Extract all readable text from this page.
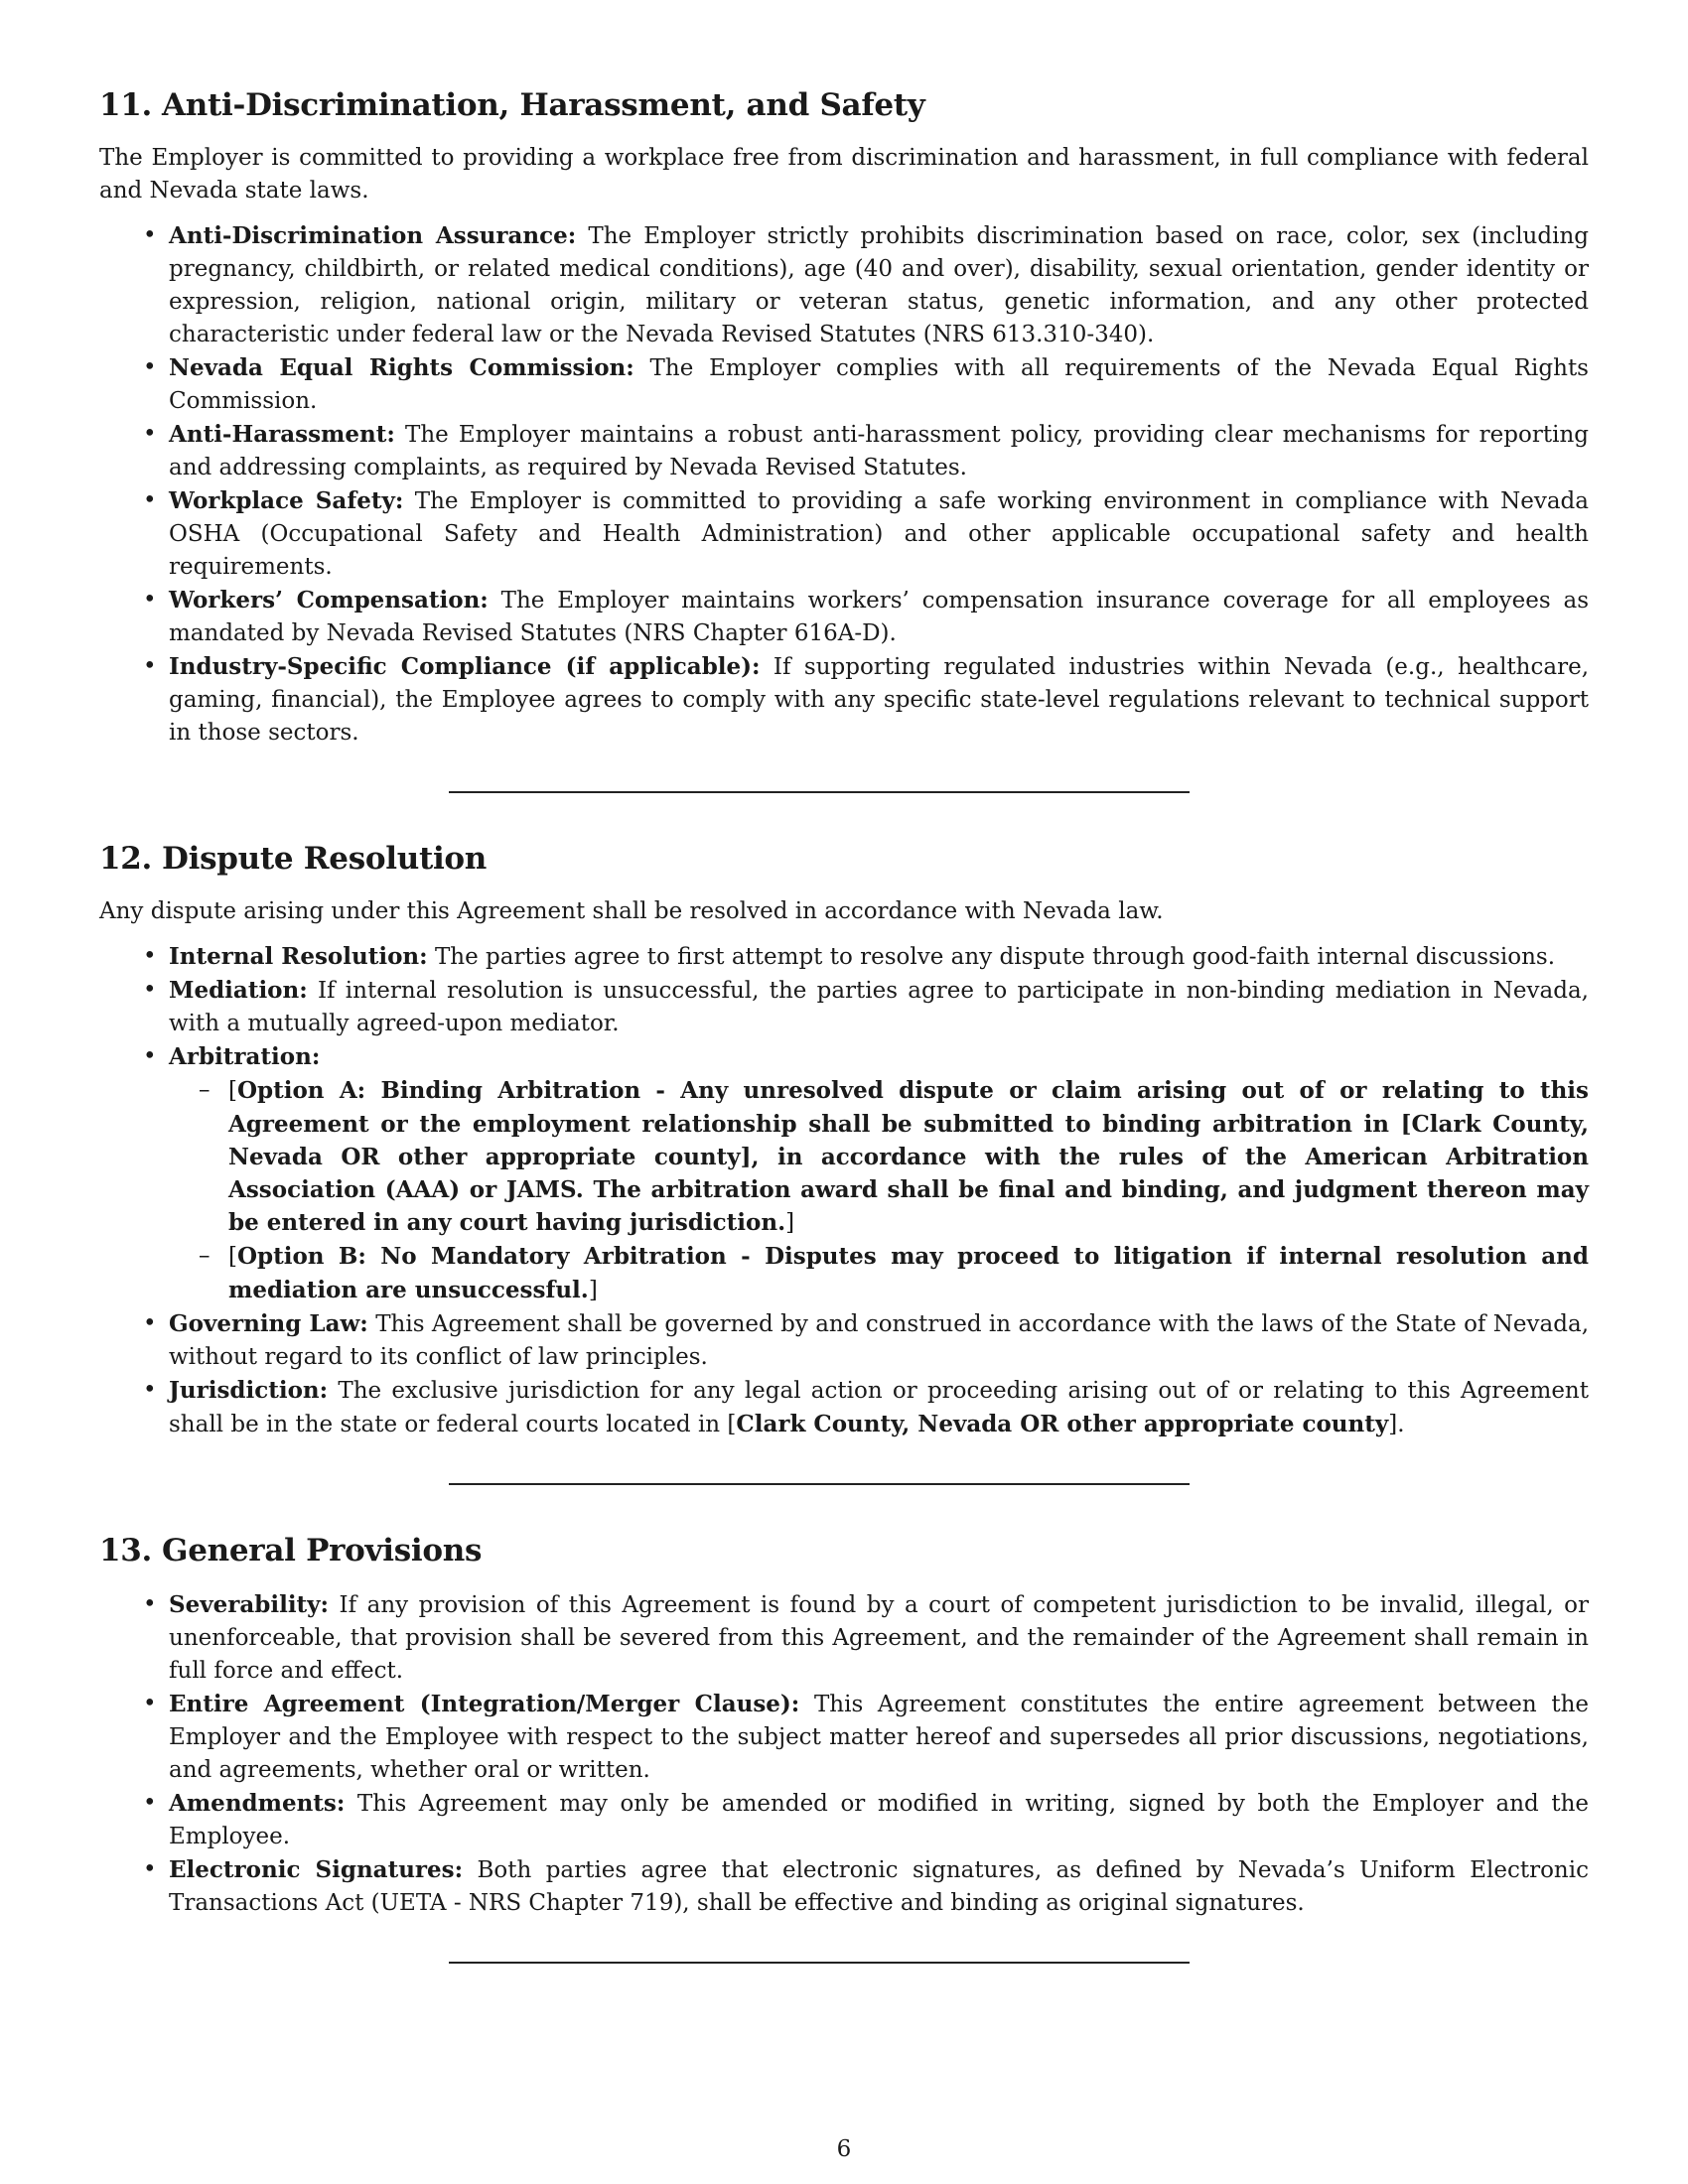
11. Anti-Discrimination, Harassment, and Safety

The Employer is committed to providing a workplace free from discrimination and harassment, in full compliance with federal and Nevada state laws.

• Anti-Discrimination Assurance: The Employer strictly prohibits discrimination based on race, color, sex (including pregnancy, childbirth, or related medical conditions), age (40 and over), disability, sexual orientation, gender identity or expression, religion, national origin, military or veteran status, genetic information, and any other protected characteristic under federal law or the Nevada Revised Statutes (NRS 613.310-340).
• Nevada Equal Rights Commission: The Employer complies with all requirements of the Nevada Equal Rights Commission.
• Anti-Harassment: The Employer maintains a robust anti-harassment policy, providing clear mechanisms for reporting and addressing complaints, as required by Nevada Revised Statutes.
• Workplace Safety: The Employer is committed to providing a safe working environment in compliance with Nevada OSHA (Occupational Safety and Health Administration) and other applicable occupational safety and health requirements.
• Workers’ Compensation: The Employer maintains workers’ compensation insurance coverage for all employees as mandated by Nevada Revised Statutes (NRS Chapter 616A-D).
• Industry-Specific Compliance (if applicable): If supporting regulated industries within Nevada (e.g., healthcare, gaming, financial), the Employee agrees to comply with any specific state-level regulations relevant to technical support in those sectors.
12. Dispute Resolution

Any dispute arising under this Agreement shall be resolved in accordance with Nevada law.

• Internal Resolution: The parties agree to first attempt to resolve any dispute through good-faith internal discussions.
• Mediation: If internal resolution is unsuccessful, the parties agree to participate in non-binding mediation in Nevada, with a mutually agreed-upon mediator.
• Arbitration:
– [Option A: Binding Arbitration - Any unresolved dispute or claim arising out of or relating to this Agreement or the employment relationship shall be submitted to binding arbitration in [Clark County, Nevada OR other appropriate county], in accordance with the rules of the American Arbitration Association (AAA) or JAMS. The arbitration award shall be final and binding, and judgment thereon may be entered in any court having jurisdiction.]
– [Option B: No Mandatory Arbitration - Disputes may proceed to litigation if internal resolution and mediation are unsuccessful.]
• Governing Law: This Agreement shall be governed by and construed in accordance with the laws of the State of Nevada, without regard to its conflict of law principles.
• Jurisdiction: The exclusive jurisdiction for any legal action or proceeding arising out of or relating to this Agreement shall be in the state or federal courts located in [Clark County, Nevada OR other appropriate county].
13. General Provisions
• Severability: If any provision of this Agreement is found by a court of competent jurisdiction to be invalid, illegal, or unenforceable, that provision shall be severed from this Agreement, and the remainder of the Agreement shall remain in full force and effect.
• Entire Agreement (Integration/Merger Clause): This Agreement constitutes the entire agreement between the Employer and the Employee with respect to the subject matter hereof and supersedes all prior discussions, negotiations, and agreements, whether oral or written.
• Amendments: This Agreement may only be amended or modified in writing, signed by both the Employer and the Employee.
• Electronic Signatures: Both parties agree that electronic signatures, as defined by Nevada’s Uniform Electronic Transactions Act (UETA - NRS Chapter 719), shall be effective and binding as original signatures.
6
